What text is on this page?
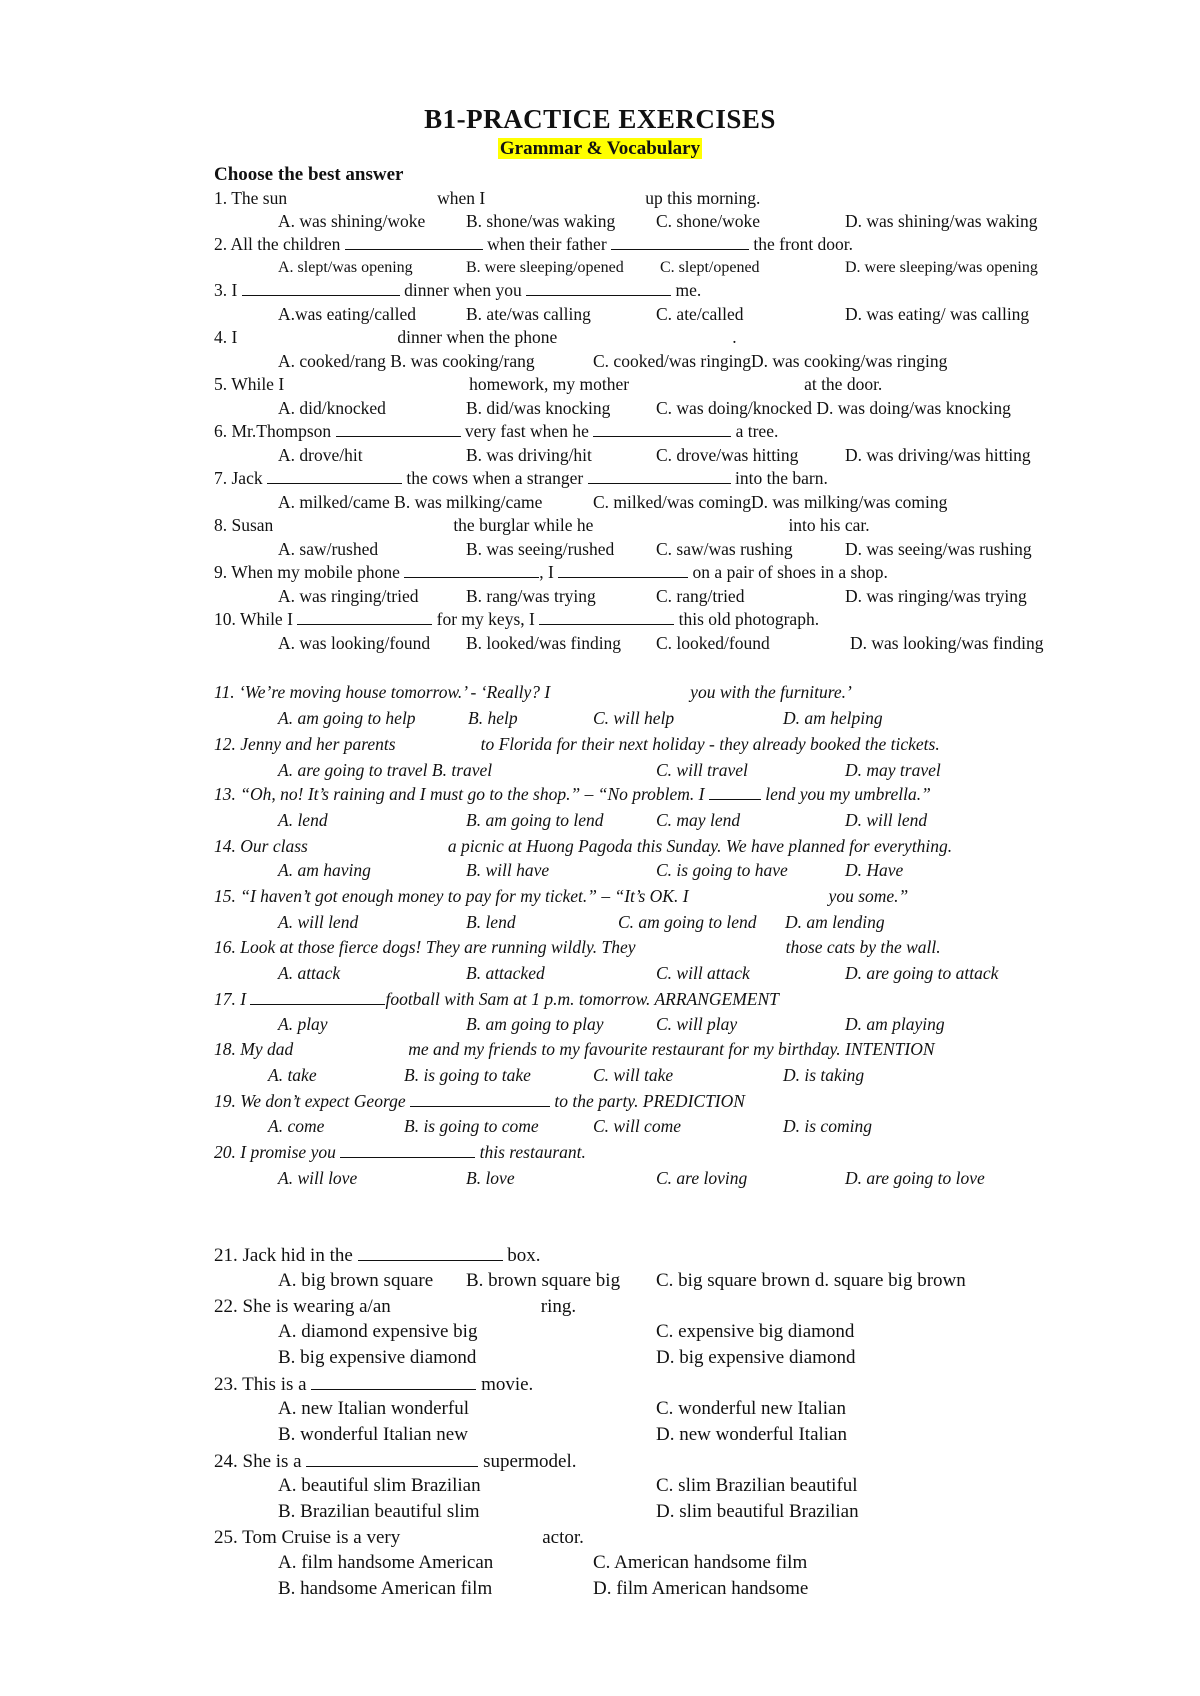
B1-PRACTICE EXERCISES
Grammar & Vocabulary
Choose the best answer
1. The sun	when I	up this morning.
A. was shining/woke B. shone/was waking C. shone/woke	D. was shining/was waking
2. All the children	when their father	the front door.
A. slept/was opening	B. were sleeping/opened C. slept/opened	D. were sleeping/was opening
3. I	dinner when you	me.
A.was eating/called	B. ate/was calling	C. ate/called	D. was eating/ was calling
4. I	dinner when the phone	.
A. cooked/rang B. was cooking/rang	C. cooked/was ringingD. was cooking/was ringing
5. While I	homework, my mother	at the door.
A. did/knocked	B. did/was knocking	C. was doing/knocked D. was doing/was knocking
6. Mr.Thompson	very fast when he	a tree.
A. drove/hit	B. was driving/hit	C. drove/was hitting	D. was driving/was hitting
7. Jack	the cows when a stranger	into the barn.
A. milked/came B. was milking/came	C. milked/was comingD. was milking/was coming
8. Susan	the burglar while he	into his car.
A. saw/rushed	B. was seeing/rushed C. saw/was rushing	D. was seeing/was rushing
9. When my mobile phone	, I	on a pair of shoes in a shop.
A. was ringing/tried	B. rang/was trying	C. rang/tried	D. was ringing/was trying
10. While I	for my keys, I	this old photograph.
A. was looking/found B. looked/was finding C. looked/found	D. was looking/was finding
11. ‘We’re moving house tomorrow.’ - ‘Really? I	you with the furniture.’
A. am going to help	B. help	C. will help	D. am helping
12. Jenny and her parents	to Florida for their next holiday - they already booked the tickets.
A. are going to travel B. travel	C. will travel	D. may travel
13. “Oh, no! It’s raining and I must go to the shop.” – “No problem. I	lend you my umbrella.”
A. lend	B. am going to lend	C. may lend	D. will lend
14. Our class	a picnic at Huong Pagoda this Sunday. We have planned for everything.
A. am having	B. will have	C. is going to have	D. Have
15. “I haven’t got enough money to pay for my ticket.” – “It’s OK. I	you some.”
A. will lend	B. lend	C. am going to lend D. am lending
16. Look at those fierce dogs! They are running wildly. They	those cats by the wall.
A. attack	B. attacked	C. will attack	D. are going to attack
17. I	football with Sam at 1 p.m. tomorrow. ARRANGEMENT
A. play	B. am going to play	C. will play	D. am playing
18. My dad	me and my friends to my favourite restaurant for my birthday. INTENTION
A. take	B. is going to take	C. will take	D. is taking
19. We don’t expect George	to the party. PREDICTION
A. come	B. is going to come	C. will come	D. is coming
20. I promise you	this restaurant.
A. will love	B. love	C. are loving	D. are going to love
21. Jack hid in the	box.
A. big brown square B. brown square big C. big square brown d. square big brown
22. She is wearing a/an	ring.
A. diamond expensive big	C. expensive big diamond
B. big expensive diamond	D. big expensive diamond
23. This is a	movie.
A. new Italian wonderful	C. wonderful new Italian
B. wonderful Italian new	D. new wonderful Italian
24. She is a	supermodel.
A. beautiful slim Brazilian	C. slim Brazilian beautiful
B. Brazilian beautiful slim	D. slim beautiful Brazilian
25. Tom Cruise is a very	actor.
A. film handsome American	C. American handsome film
B. handsome American film	D. film American handsome
